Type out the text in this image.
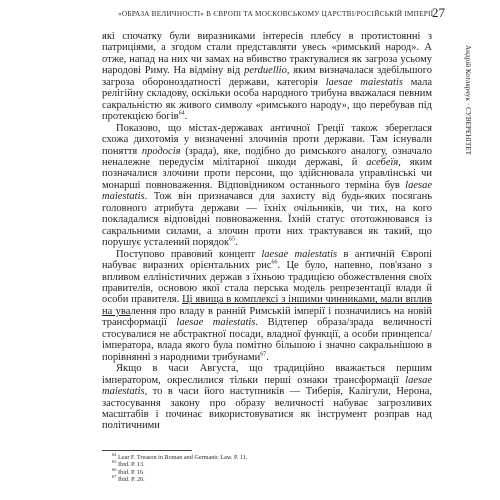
«ОБРАЗА ВЕЛИЧНОСТІ» В ЄВРОПІ ТА МОСКОВСЬКОМУ ЦАРСТВІ/РОСІЙСЬКІЙ ІМПЕРІЇ
27
Андрій Котлярчук · СУВЕРЕНІТЕТ

які спочатку були виразниками інтересів плебсу в протистоянні з патриціями, а згодом стали представляти увесь «римський народ». А отже, напад на них чи замах на вбивство трактувалися як загроза усьому народові Риму. На відміну від perduellio, яким визначалася здебільшого загроза обороноздатності держави, категорія laesae maiestatis мала релігійну складову, оскільки особа народного трибуна вважалася певним сакральністю як живого символу «римського народу», що перебував під протекцією богів$^{64}$.

Показово, що містах-державах античної Греції також збереглася схожа дихотомія у визначенні злочинів проти держави. Там існували поняття продосія (зрада), яке, подібно до римського аналогу, означало неналежне передусім мілітарної шкоди державі, й асебеїя, яким позначалися злочини проти персони, що здійснювала управлінські чи монарші повноваження. Відповідником останнього терміна був laesae maiestatis. Тож він призначався для захисту від будь-яких посягань головного атрибута держави — їхніх очільників, чи тих, на кого покладалися відповідні повноваження. Їхній статус ототожнювався із сакральними силами, а злочин проти них трактувався як такий, що порушує усталений порядок$^{65}$.

Поступово правовий концепт laesae maiestatis в античній Європі набуває виразних орієнтальних рис$^{66}$. Це було, напевно, пов'язано з впливом елліністичних держав з їхньою традицією обожествлення своїх правителів, основою якої стала перська модель репрезентації влади й особи правителя. Ці явища в комплексі з іншими чинниками, мали вплив на увалення про владу в ранній Римській імперії і позначились на новій трансформації laesae maiestatis. Відтепер образа/зрада величності стосувалися не абстрактної посади, владної функції, а особи принцепса/імператора, влада якого була помітно більшою і значно сакральнішою в порівнянні з народними трибунами$^{67}$.

Якщо в часи Августа, що традиційно вважається першим імператором, окреслилися тільки перші ознаки трансформації laesae maiestatis, то в часи його наступників — Тиберія, Калігули, Нерона, застосування закону про образу величності набуває загрозливих масштабів і починає використовуватися як інструмент розправ над політичними

$^{64}$ Lear F. Treason in Roman and Germanic Law. P. 11.
$^{65}$ Ibid. P. 13.
$^{66}$ Ibid. P. 16.
$^{67}$ Ibid. P. 20.
